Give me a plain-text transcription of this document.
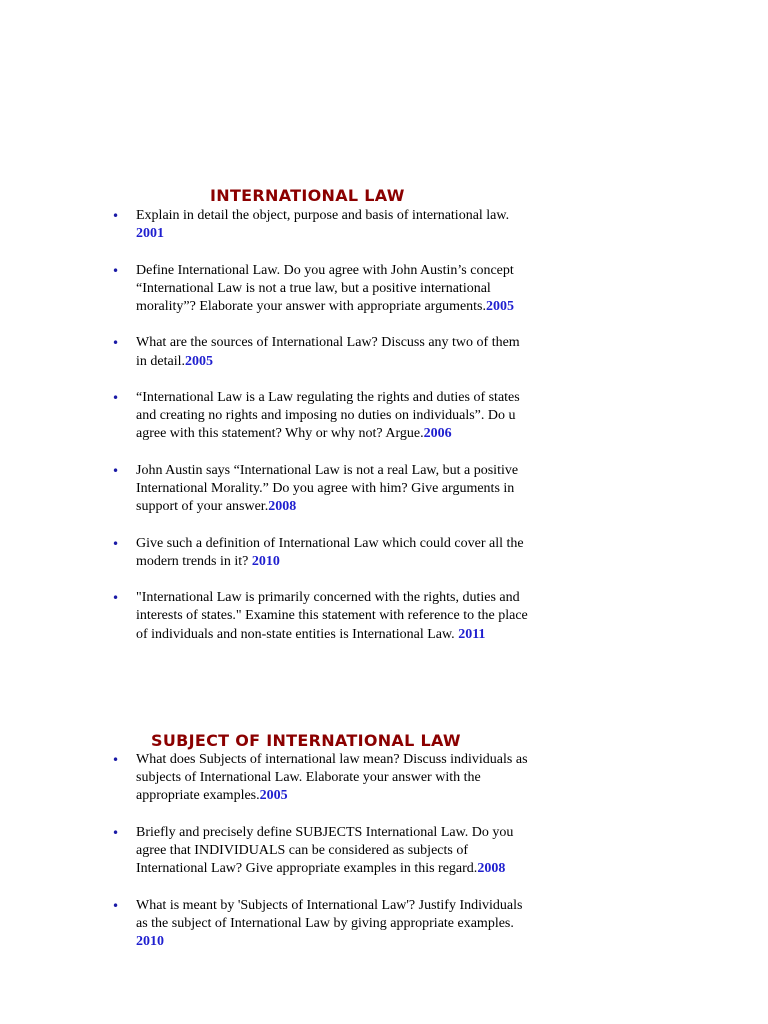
INTERNATIONAL LAW
• Explain in detail the object, purpose and basis of international law. 2001
• Define International Law. Do you agree with John Austin’s concept “International Law is not a true law, but a positive international morality”? Elaborate your answer with appropriate arguments.2005
• What are the sources of International Law? Discuss any two of them in detail.2005
• “International Law is a Law regulating the rights and duties of states and creating no rights and imposing no duties on individuals”. Do u agree with this statement? Why or why not? Argue.2006
• John Austin says “International Law is not a real Law, but a positive International Morality.” Do you agree with him? Give arguments in support of your answer.2008
• Give such a definition of International Law which could cover all the modern trends in it? 2010
• "International Law is primarily concerned with the rights, duties and interests of states." Examine this statement with reference to the place of individuals and non-state entities is International Law. 2011
SUBJECT OF INTERNATIONAL LAW
• What does Subjects of international law mean? Discuss individuals as subjects of International Law. Elaborate your answer with the appropriate examples.2005
• Briefly and precisely define SUBJECTS International Law. Do you agree that INDIVIDUALS can be considered as subjects of International Law? Give appropriate examples in this regard.2008
• What is meant by 'Subjects of International Law'? Justify Individuals as the subject of International Law by giving appropriate examples. 2010
